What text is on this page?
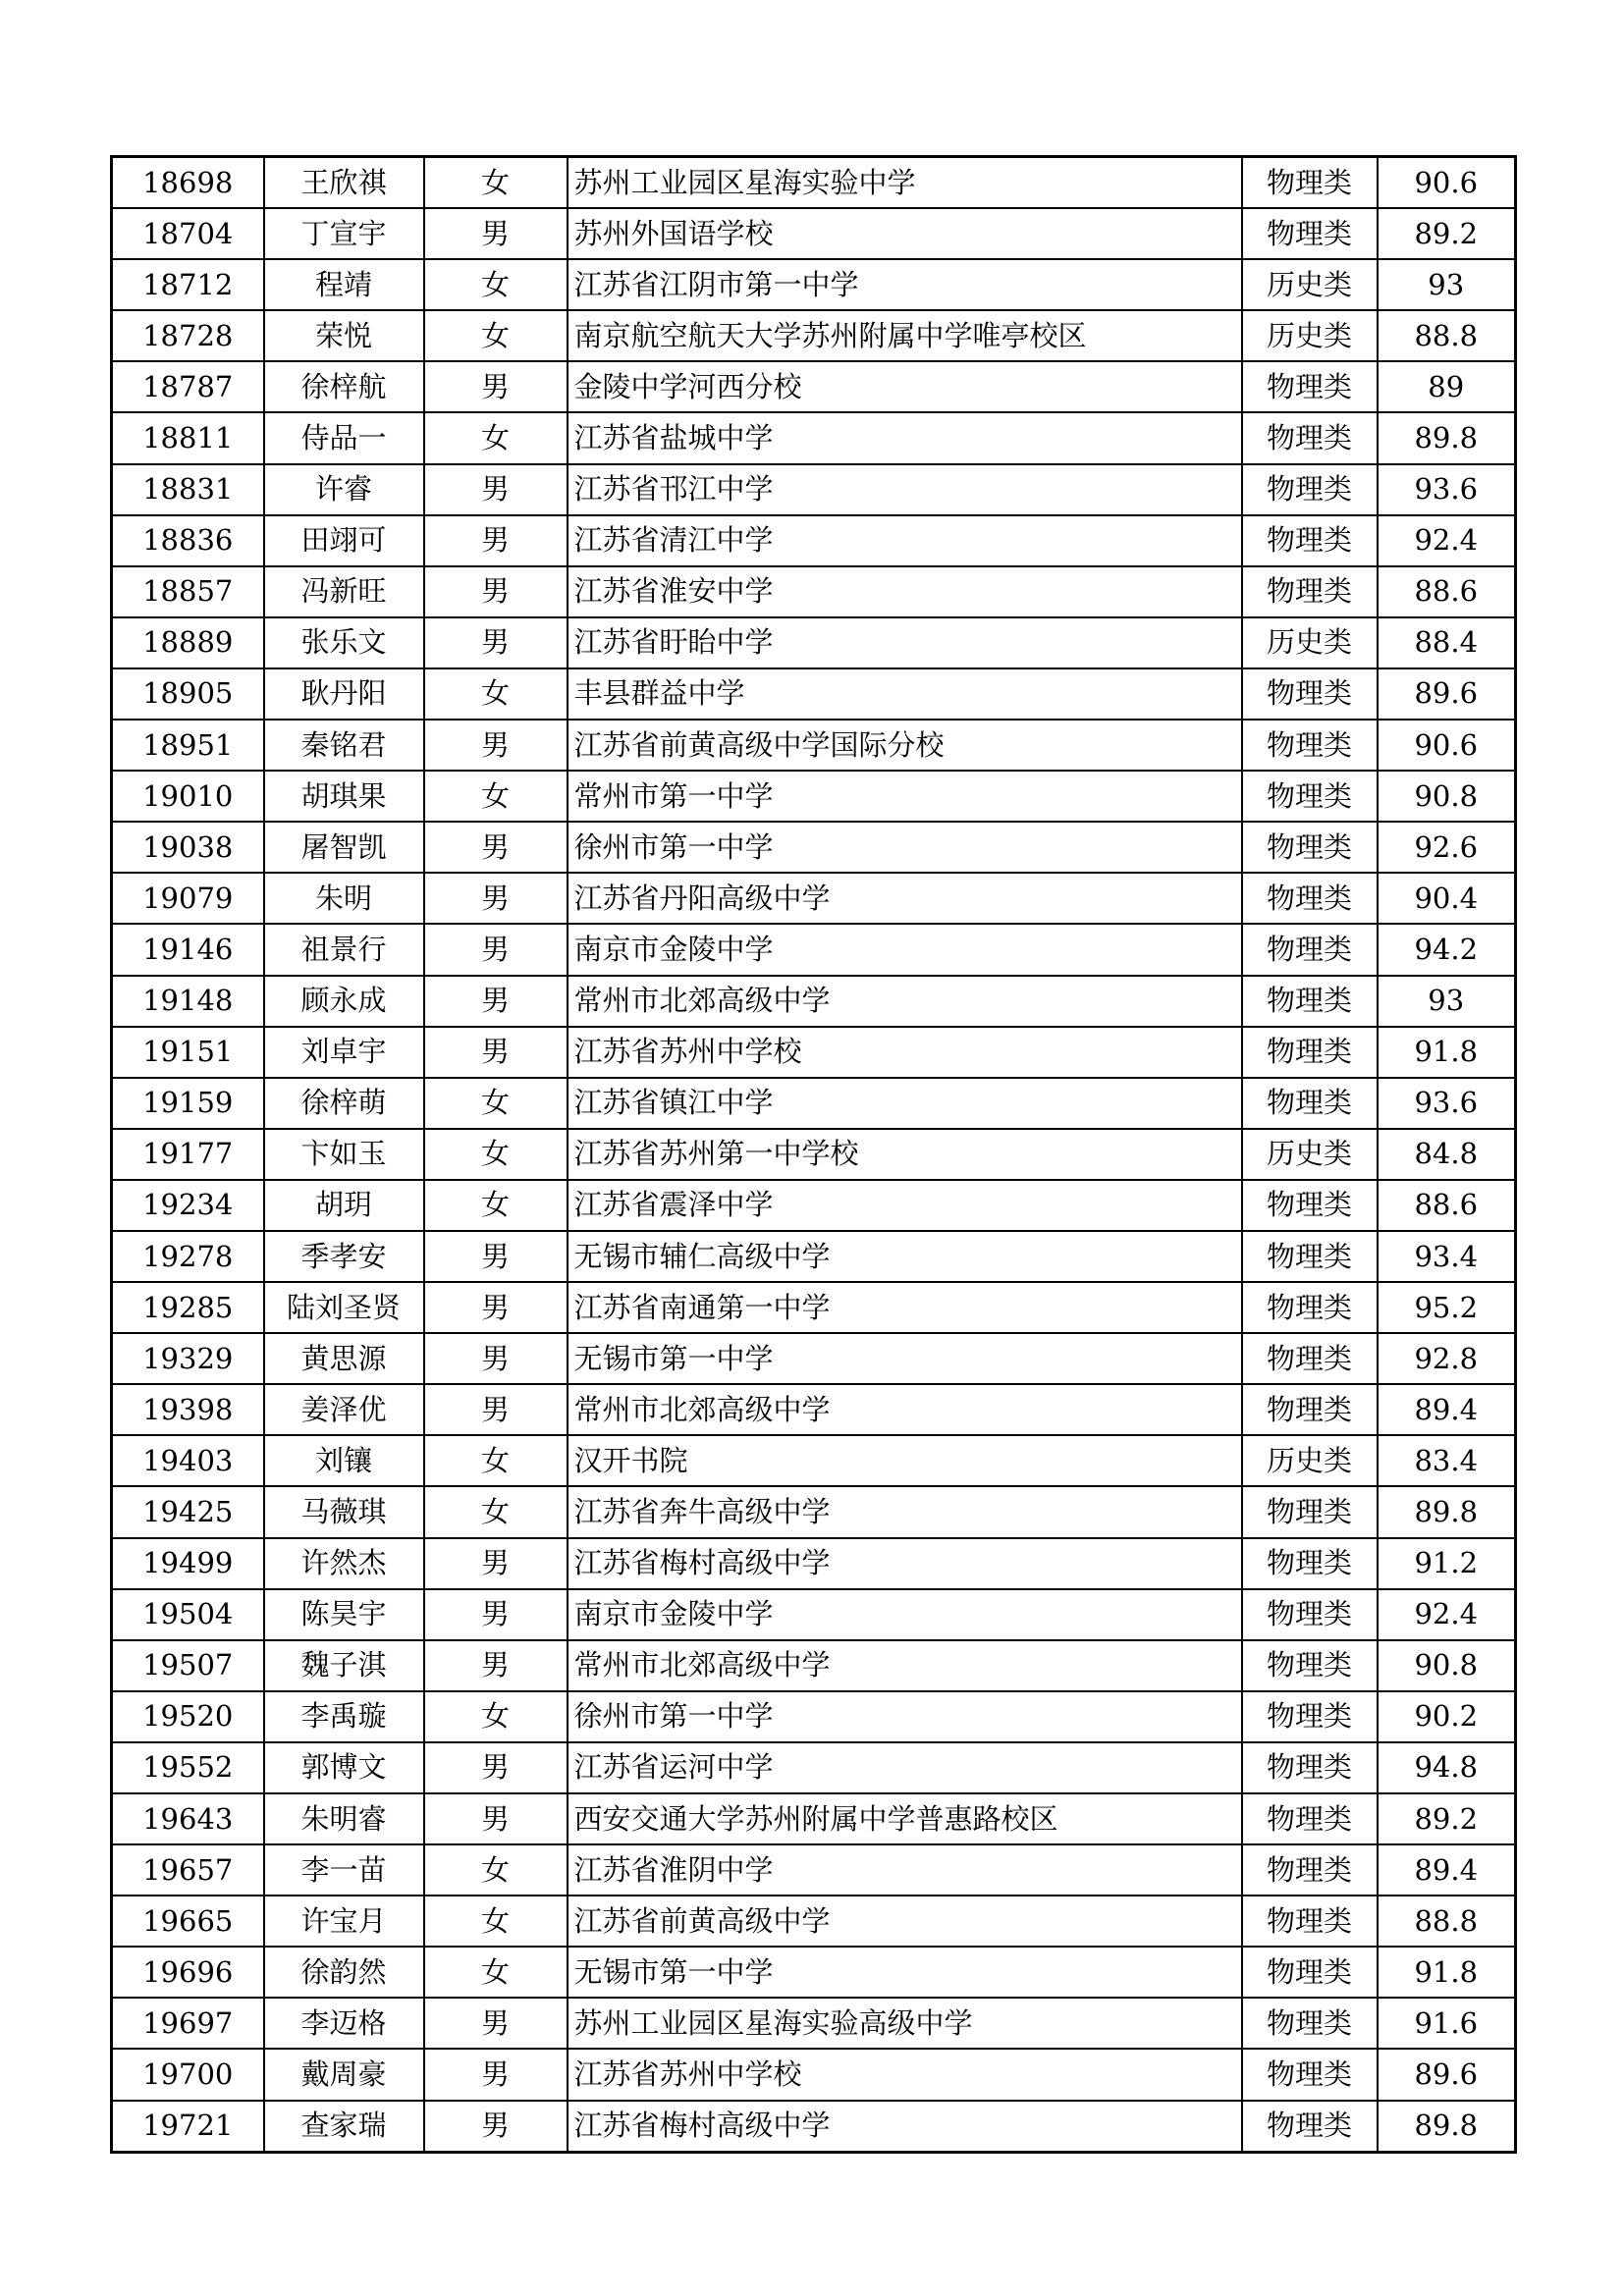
18698	王欣祺	女	苏州工业园区星海实验中学	物理类	90.6
18704	丁宣宇	男	苏州外国语学校	物理类	89.2
18712	程靖	女	江苏省江阴市第一中学	历史类	93
18728	荣悦	女	南京航空航天大学苏州附属中学唯亭校区	历史类	88.8
18787	徐梓航	男	金陵中学河西分校	物理类	89
18811	侍品一	女	江苏省盐城中学	物理类	89.8
18831	许睿	男	江苏省邗江中学	物理类	93.6
18836	田翊可	男	江苏省清江中学	物理类	92.4
18857	冯新旺	男	江苏省淮安中学	物理类	88.6
18889	张乐文	男	江苏省盱眙中学	历史类	88.4
18905	耿丹阳	女	丰县群益中学	物理类	89.6
18951	秦铭君	男	江苏省前黄高级中学国际分校	物理类	90.6
19010	胡琪果	女	常州市第一中学	物理类	90.8
19038	屠智凯	男	徐州市第一中学	物理类	92.6
19079	朱明	男	江苏省丹阳高级中学	物理类	90.4
19146	祖景行	男	南京市金陵中学	物理类	94.2
19148	顾永成	男	常州市北郊高级中学	物理类	93
19151	刘卓宇	男	江苏省苏州中学校	物理类	91.8
19159	徐梓萌	女	江苏省镇江中学	物理类	93.6
19177	卞如玉	女	江苏省苏州第一中学校	历史类	84.8
19234	胡玥	女	江苏省震泽中学	物理类	88.6
19278	季孝安	男	无锡市辅仁高级中学	物理类	93.4
19285	陆刘圣贤	男	江苏省南通第一中学	物理类	95.2
19329	黄思源	男	无锡市第一中学	物理类	92.8
19398	姜泽优	男	常州市北郊高级中学	物理类	89.4
19403	刘镶	女	汉开书院	历史类	83.4
19425	马薇琪	女	江苏省奔牛高级中学	物理类	89.8
19499	许然杰	男	江苏省梅村高级中学	物理类	91.2
19504	陈昊宇	男	南京市金陵中学	物理类	92.4
19507	魏子淇	男	常州市北郊高级中学	物理类	90.8
19520	李禹璇	女	徐州市第一中学	物理类	90.2
19552	郭博文	男	江苏省运河中学	物理类	94.8
19643	朱明睿	男	西安交通大学苏州附属中学普惠路校区	物理类	89.2
19657	李一苗	女	江苏省淮阴中学	物理类	89.4
19665	许宝月	女	江苏省前黄高级中学	物理类	88.8
19696	徐韵然	女	无锡市第一中学	物理类	91.8
19697	李迈格	男	苏州工业园区星海实验高级中学	物理类	91.6
19700	戴周豪	男	江苏省苏州中学校	物理类	89.6
19721	查家瑞	男	江苏省梅村高级中学	物理类	89.8
